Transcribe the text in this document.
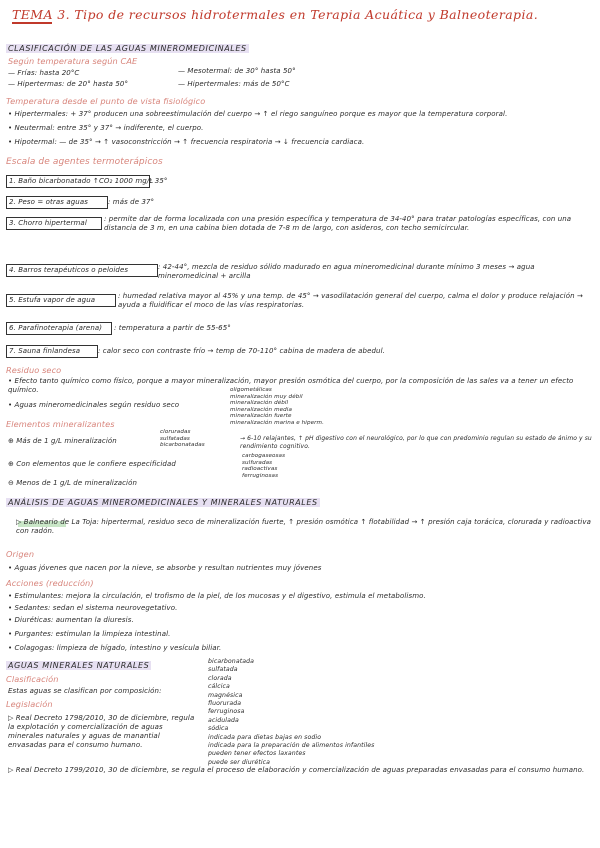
TEMA 3. Tipo de recursos hidrotermales en Terapia Acuática y Balneoterapia.
CLASIFICACIÓN DE LAS AGUAS MINEROMEDICINALES
Según temperatura según CAE
— Frías: hasta 20°C
— Hipertermas: de 20° hasta 50°
— Mesotermal: de 30° hasta 50°
— Hipertermales: más de 50°C
Temperatura desde el punto de vista fisiológico
• Hipertermales: + 37° producen una sobreestimulación del cuerpo → ↑ el riego sanguíneo porque es mayor que la temperatura corporal.
• Neutermal: entre 35° y 37° → indiferente, el cuerpo.
• Hipotermal: — de 35° → ↑ vasoconstricción → ↑ frecuencia respiratoria → ↓ frecuencia cardiaca.
Escala de agentes termoterápicos
1. Baño bicarbonatado ↑CO₂ 1000 mg/L
: 35°
2. Peso = otras aguas	: más de 37°
3. Chorro hipertermal : permite dar de forma localizada con una presión específica y temperatura de 34-40° para tratar patologías específicas, con una distancia de 3 m, en una cabina bien dotada de 7-8 m de largo, con asideros, con techo semicircular.
4. Barros terapéuticos o peloides	: 42-44°, mezcla de residuo sólido madurado en agua mineromedicinal durante mínimo 3 meses → agua mineromedicinal + arcilla
5. Estufa vapor de agua	: humedad relativa mayor al 45% y una temp. de 45° → vasodilatación general del cuerpo, calma el dolor y produce relajación → ayuda a fluidificar el moco de las vías respiratorias.
6. Parafinoterapia (arena) : temperatura a partir de 55-65°
7. Sauna finlandesa	: calor seco con contraste frío → temp de 70-110° cabina de madera de abedul.
Residuo seco
• Efecto tanto químico como físico, porque a mayor mineralización, mayor presión osmótica del cuerpo, por la composición de las sales va a tener un efecto químico.
• Aguas mineromedicinales según residuo seco
oligometálicas
mineralización muy débil
mineralización débil
mineralización media
mineralización fuerte
mineralización marina e hiperm.
Elementos mineralizantes
⊕ Más de 1 g/L mineralización
cloruradas
sulfatadas
bicarbonatadas
→ 6-10 relajantes, ↑ pH digestivo con el neurológico, por lo que con predominio regulan su estado de ánimo y su rendimiento cognitivo.
⊕ Con elementos que le confiere especificidad
carbogaseosas
sulfuradas
radioactivas
ferruginosas
⊖ Menos de 1 g/L de mineralización
ANÁLISIS DE AGUAS MINEROMEDICINALES Y MINERALES NATURALES
▷ Balneario de La Toja: hipertermal, residuo seco de mineralización fuerte, ↑ presión osmótica ↑ flotabilidad → ↑ presión caja torácica, clorurada y radioactiva con radón.
Origen
• Aguas jóvenes que nacen por la nieve, se absorbe y resultan nutrientes muy jóvenes
Acciones (reducción)
• Estimulantes: mejora la circulación, el trofismo de la piel, de los mucosas y el digestivo, estimula el metabolismo.
• Sedantes: sedan el sistema neurovegetativo.
• Diuréticas: aumentan la diuresis.
• Purgantes: estimulan la limpieza intestinal.
• Colagogas: limpieza de hígado, intestino y vesícula biliar.
AGUAS MINERALES NATURALES
Clasificación
Estas aguas se clasifican por composición:
bicarbonatada
sulfatada
clorada
cálcica
magnésica
fluorurada
ferruginosa
acidulada
sódica
indicada para dietas bajas en sodio
indicada para la preparación de alimentos infantiles
pueden tener efectos laxantes
puede ser diurética
Legislación
▷ Real Decreto 1798/2010, 30 de diciembre, regula la explotación y comercialización de aguas minerales naturales y aguas de manantial envasadas para el consumo humano.
▷ Real Decreto 1799/2010, 30 de diciembre, se regula el proceso de elaboración y comercialización de aguas preparadas envasadas para el consumo humano.
